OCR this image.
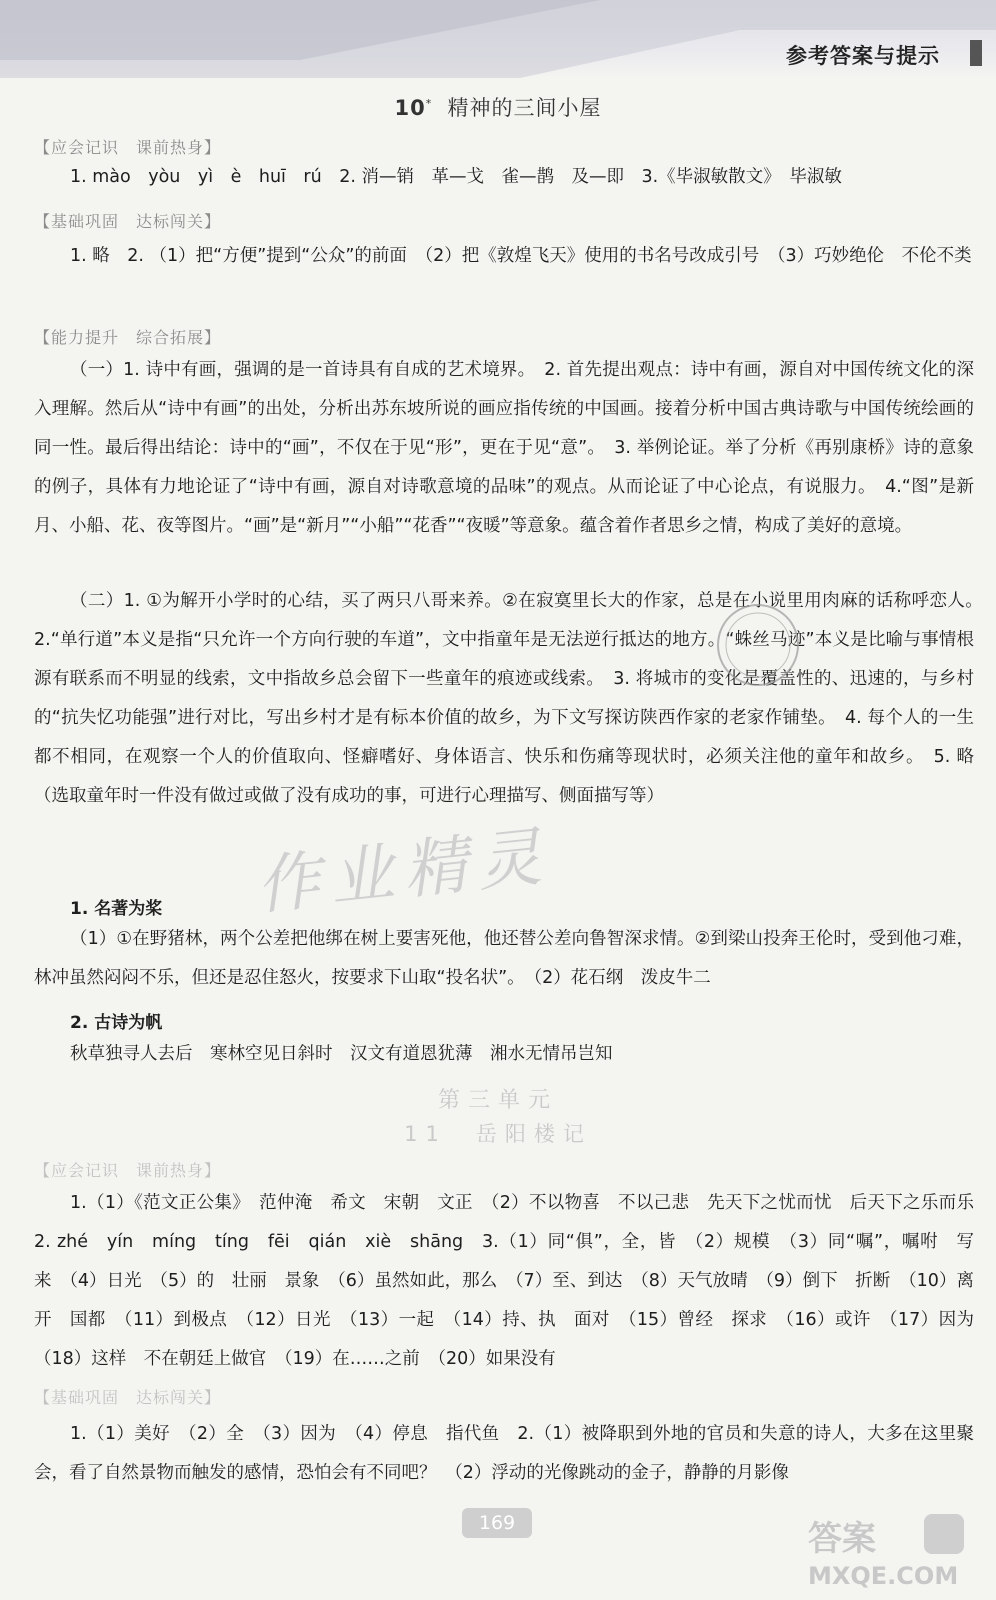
参考答案与提示
10* 精神的三间小屋
【应会记识　课前热身】

1. mào　yòu　yì　è　huī　rú　2. 消—销　革—戈　雀—鹊　及—即　3.《毕淑敏散文》　毕淑敏

【基础巩固　达标闯关】

1. 略　2. （1）把“方便”提到“公众”的前面　（2）把《敦煌飞天》使用的书名号改成引号　（3）巧妙绝伦　不伦不类

【能力提升　综合拓展】

（一）1. 诗中有画，强调的是一首诗具有自成的艺术境界。　2. 首先提出观点：诗中有画，源自对中国传统文化的深入理解。然后从“诗中有画”的出处，分析出苏东坡所说的画应指传统的中国画。接着分析中国古典诗歌与中国传统绘画的同一性。最后得出结论：诗中的“画”，不仅在于见“形”，更在于见“意”。　3. 举例论证。举了分析《再别康桥》诗的意象的例子，具体有力地论证了“诗中有画，源自对诗歌意境的品味”的观点。从而论证了中心论点，有说服力。　4.“图”是新月、小船、花、夜等图片。“画”是“新月”“小船”“花香”“夜暖”等意象。蕴含着作者思乡之情，构成了美好的意境。

（二）1. ①为解开小学时的心结，买了两只八哥来养。②在寂寞里长大的作家，总是在小说里用肉麻的话称呼恋人。　2.“单行道”本义是指“只允许一个方向行驶的车道”，文中指童年是无法逆行抵达的地方。“蛛丝马迹”本义是比喻与事情根源有联系而不明显的线索，文中指故乡总会留下一些童年的痕迹或线索。　3. 将城市的变化是覆盖性的、迅速的，与乡村的“抗失忆功能强”进行对比，写出乡村才是有标本价值的故乡，为下文写探访陕西作家的老家作铺垫。　4. 每个人的一生都不相同，在观察一个人的价值取向、怪癖嗜好、身体语言、快乐和伤痛等现状时，必须关注他的童年和故乡。　5. 略（选取童年时一件没有做过或做了没有成功的事，可进行心理描写、侧面描写等）

作业精灵
1. 名著为桨

（1）①在野猪林，两个公差把他绑在树上要害死他，他还替公差向鲁智深求情。②到梁山投奔王伦时，受到他刁难，林冲虽然闷闷不乐，但还是忍住怒火，按要求下山取“投名状”。　（2）花石纲　泼皮牛二

2. 古诗为帆

秋草独寻人去后　寒林空见日斜时　汉文有道恩犹薄　湘水无情吊岂知

第三单元
11　岳阳楼记
【应会记识　课前热身】

1.（1）《范文正公集》　范仲淹　希文　宋朝　文正　（2）不以物喜　不以己悲　先天下之忧而忧　后天下之乐而乐　2. zhé　yín　míng　tíng　fēi　qián　xiè　shāng　3.（1）同“俱”，全，皆　（2）规模　（3）同“嘱”，嘱咐　写　来　（4）日光　（5）的　壮丽　景象　（6）虽然如此，那么　（7）至、到达　（8）天气放晴　（9）倒下　折断　（10）离开　国都　（11）到极点　（12）日光　（13）一起　（14）持、执　面对　（15）曾经　探求　（16）或许　（17）因为　（18）这样　不在朝廷上做官　（19）在……之前　（20）如果没有

【基础巩固　达标闯关】

1.（1）美好　（2）全　（3）因为　（4）停息　指代鱼　2.（1）被降职到外地的官员和失意的诗人，大多在这里聚会，看了自然景物而触发的感情，恐怕会有不同吧？　（2）浮动的光像跳动的金子，静静的月影像

169	答案
MXQE.COM
